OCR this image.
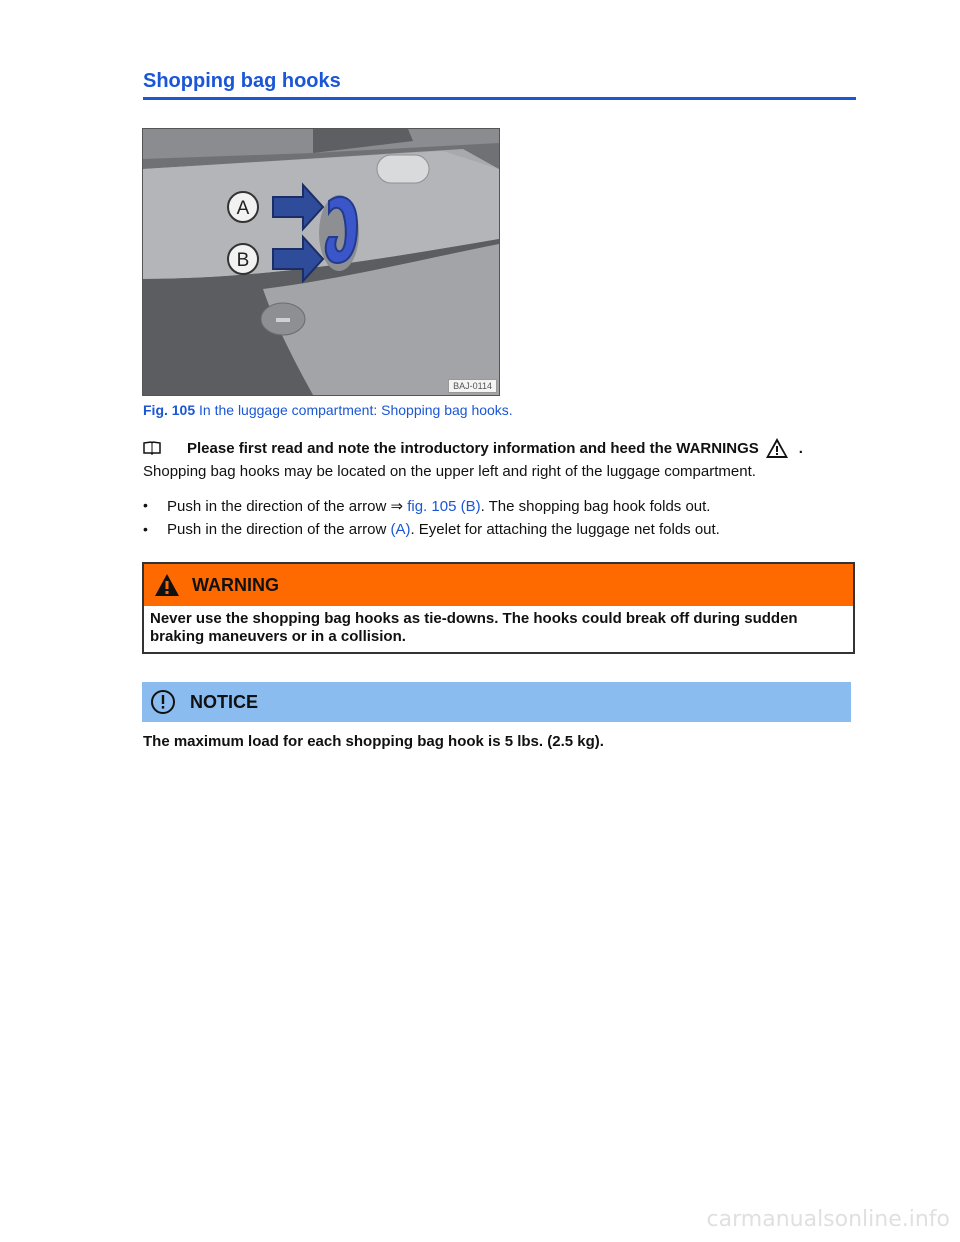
Shopping bag hooks
A
B
BAJ-0114
Fig. 105 In the luggage compartment: Shopping bag hooks.
Please first read and note the introductory information and heed the WARNINGS	.
Shopping bag hooks may be located on the upper left and right of the luggage compartment.
•	Push in the direction of the arrow ⇒ fig. 105 (B). The shopping bag hook folds out.
•	Push in the direction of the arrow (A). Eyelet for attaching the luggage net folds out.
WARNING
Never use the shopping bag hooks as tie-downs. The hooks could break off during sudden braking maneuvers or in a collision.
NOTICE
The maximum load for each shopping bag hook is 5 lbs. (2.5 kg).
carmanualsonline.info
